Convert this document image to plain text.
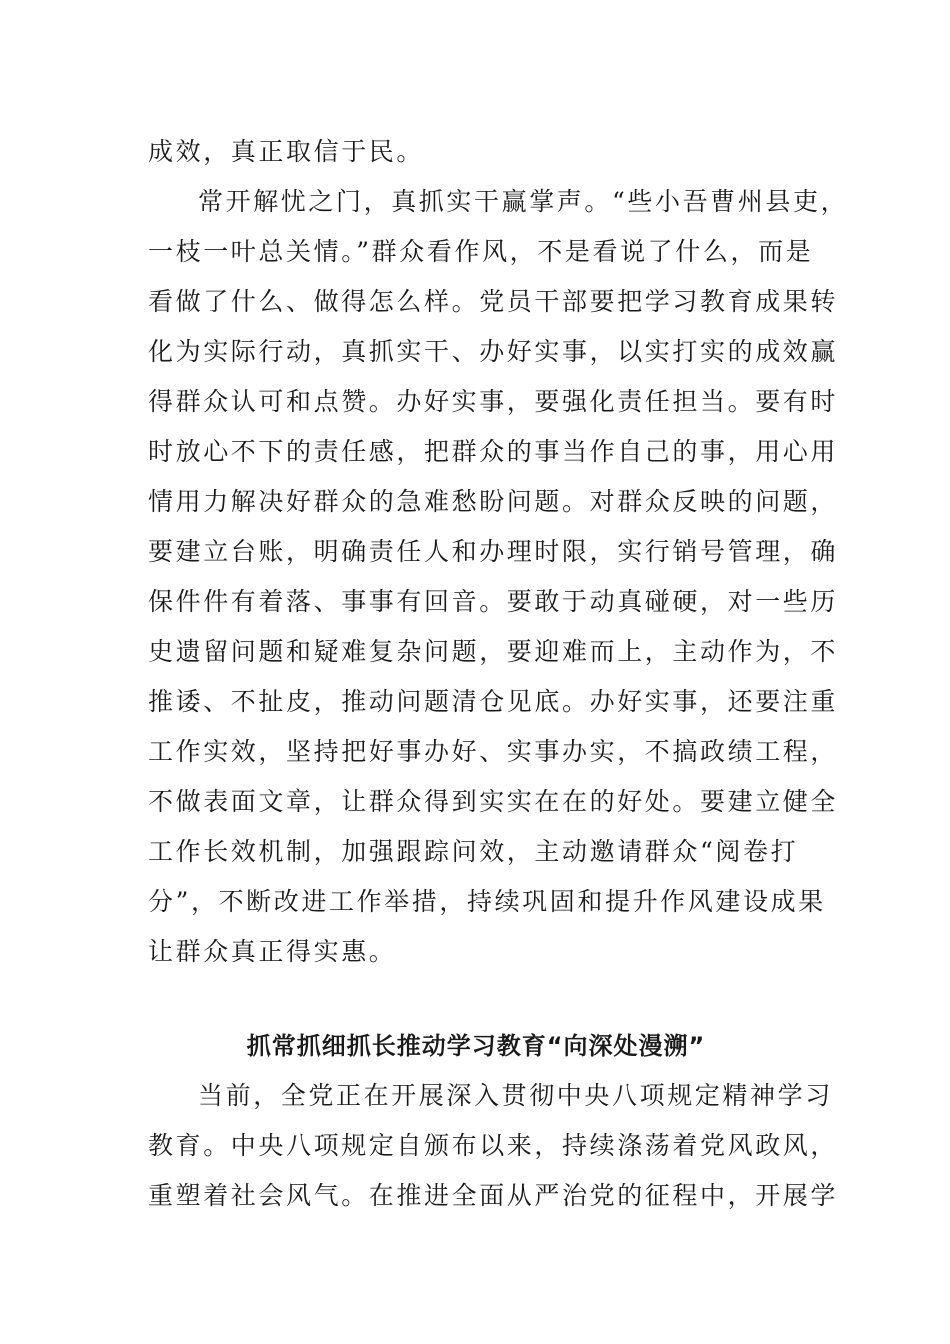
成效，真正取信于民。
常开解忧之门，真抓实干赢掌声。“些小吾曹州县吏，
一枝一叶总关情。”群众看作风，不是看说了什么，而是
看做了什么、做得怎么样。党员干部要把学习教育成果转
化为实际行动，真抓实干、办好实事，以实打实的成效赢
得群众认可和点赞。办好实事，要强化责任担当。要有时
时放心不下的责任感，把群众的事当作自己的事，用心用
情用力解决好群众的急难愁盼问题。对群众反映的问题，
要建立台账，明确责任人和办理时限，实行销号管理，确
保件件有着落、事事有回音。要敢于动真碰硬，对一些历
史遗留问题和疑难复杂问题，要迎难而上，主动作为，不
推诿、不扯皮，推动问题清仓见底。办好实事，还要注重
工作实效，坚持把好事办好、实事办实，不搞政绩工程，
不做表面文章，让群众得到实实在在的好处。要建立健全
工作长效机制，加强跟踪问效，主动邀请群众“阅卷打
分”，不断改进工作举措，持续巩固和提升作风建设成果
让群众真正得实惠。
抓常抓细抓长推动学习教育“向深处漫溯”
当前，全党正在开展深入贯彻中央八项规定精神学习
教育。中央八项规定自颁布以来，持续涤荡着党风政风，
重塑着社会风气。在推进全面从严治党的征程中，开展学
